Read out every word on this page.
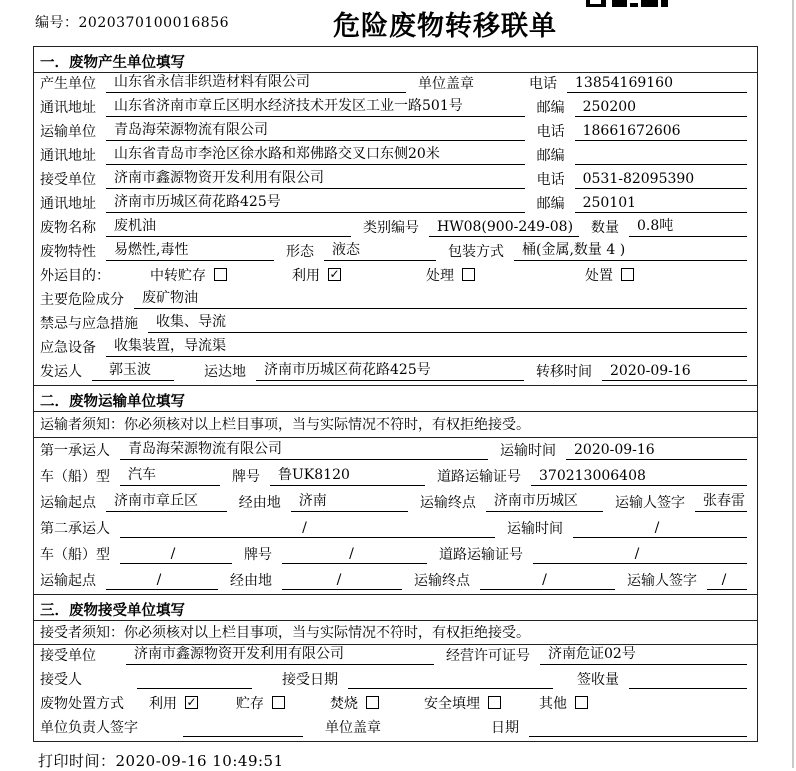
编号：2020370100016856	危险废物转移联单
一．废物产生单位填写
产生单位	山东省永信非织造材料有限公司	单位盖章	电话	13854169160
通讯地址	山东省济南市章丘区明水经济技术开发区工业一路501号	邮编	250200
运输单位	青岛海荣源物流有限公司	电话	18661672606
通讯地址	山东省青岛市李沧区徐水路和郑佛路交叉口东侧20米	邮编
接受单位	济南市鑫源物资开发利用有限公司	电话	0531-82095390
通讯地址	济南市历城区荷花路425号	邮编	250101
废物名称	废机油	类别编号	HW08(900-249-08)	数量	0.8吨
废物特性	易燃性,毒性	形态	液态	包装方式	桶(金属,数量 4 )
外运目的：	中转贮存	利用 ✓	处理	处置
主要危险成分	废矿物油
禁忌与应急措施	收集、导流
应急设备	收集装置，导流渠
发运人	郭玉波	运达地	济南市历城区荷花路425号	转移时间	2020-09-16
二．废物运输单位填写
运输者须知：你必须核对以上栏目事项，当与实际情况不符时，有权拒绝接受。
第一承运人	青岛海荣源物流有限公司	运输时间	2020-09-16
车（船）型	汽车	牌号	鲁UK8120	道路运输证号	370213006408
运输起点	济南市章丘区	经由地	济南	运输终点	济南市历城区	运输人签字	张春雷
第二承运人	/	运输时间	/
车（船）型	/	牌号	/	道路运输证号	/
运输起点	/	经由地	/	运输终点	/	运输人签字	/
三．废物接受单位填写
接受者须知：你必须核对以上栏目事项，当与实际情况不符时，有权拒绝接受。
接受单位	济南市鑫源物资开发利用有限公司	经营许可证号	济南危证02号
接受人	接受日期	签收量
废物处置方式 利用 ✓	贮存	焚烧	安全填埋	其他
单位负责人签字	单位盖章	日期
打印时间：2020-09-16 10:49:51
